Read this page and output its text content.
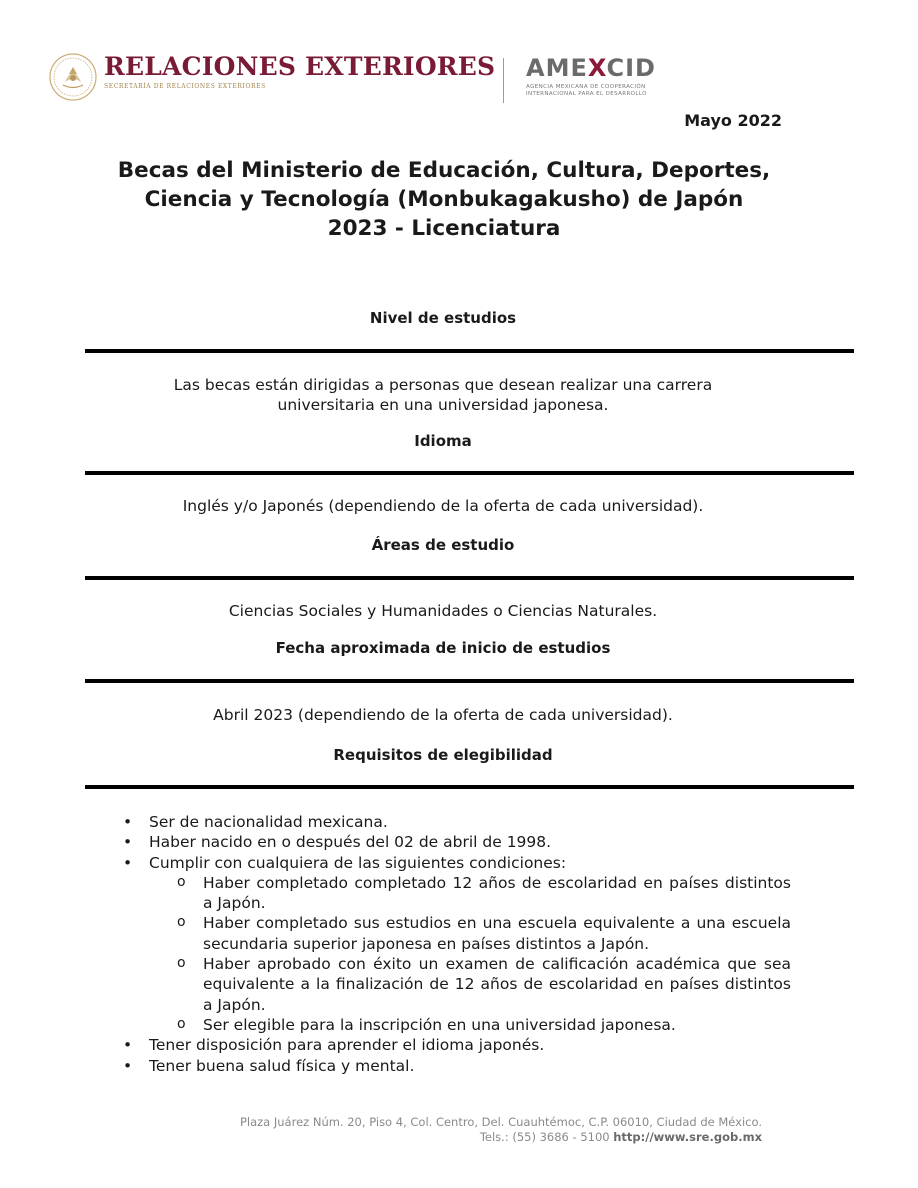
RELACIONES EXTERIORES
SECRETARÍA DE RELACIONES EXTERIORES
AMEXCID
AGENCIA MEXICANA DE COOPERACIÓN
INTERNACIONAL PARA EL DESARROLLO
Mayo 2022
Becas del Ministerio de Educación, Cultura, Deportes,
Ciencia y Tecnología (Monbukagakusho) de Japón
2023 - Licenciatura
Nivel de estudios
Las becas están dirigidas a personas que desean realizar una carrera
universitaria en una universidad japonesa.
Idioma
Inglés y/o Japonés (dependiendo de la oferta de cada universidad).
Áreas de estudio
Ciencias Sociales y Humanidades o Ciencias Naturales.
Fecha aproximada de inicio de estudios
Abril 2023 (dependiendo de la oferta de cada universidad).
Requisitos de elegibilidad
• Ser de nacionalidad mexicana.
• Haber nacido en o después del 02 de abril de 1998.
• Cumplir con cualquiera de las siguientes condiciones:
o Haber completado completado 12 años de escolaridad en países distintos a Japón.
o Haber completado sus estudios en una escuela equivalente a una escuela secundaria superior japonesa en países distintos a Japón.
o Haber aprobado con éxito un examen de calificación académica que sea equivalente a la finalización de 12 años de escolaridad en países distintos a Japón.
o Ser elegible para la inscripción en una universidad japonesa.
• Tener disposición para aprender el idioma japonés.
• Tener buena salud física y mental.
Plaza Juárez Núm. 20, Piso 4, Col. Centro, Del. Cuauhtémoc, C.P. 06010, Ciudad de México.
Tels.: (55) 3686 - 5100 http://www.sre.gob.mx
